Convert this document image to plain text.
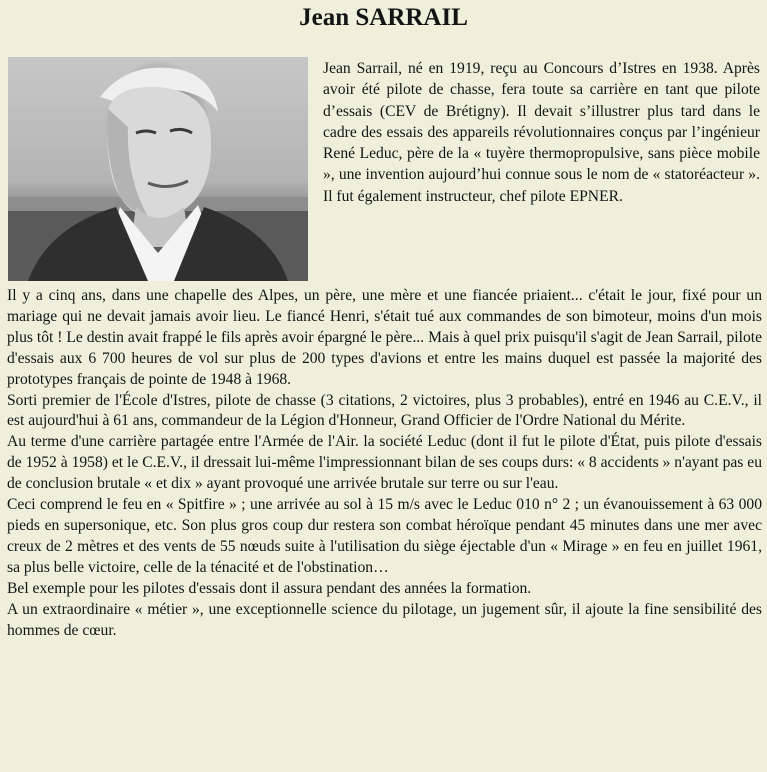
Jean SARRAIL

Jean Sarrail, né en 1919, reçu au Concours d’Istres en 1938. Après avoir été pilote de chasse, fera toute sa carrière en tant que pilote d’essais (CEV de Brétigny). Il devait s’illustrer plus tard dans le cadre des essais des appareils révolutionnaires conçus par l’ingénieur René Leduc, père de la « tuyère thermopropulsive, sans pièce mobile », une invention aujourd’hui connue sous le nom de « statoréacteur ». Il fut également instructeur, chef pilote EPNER.

Il y a cinq ans, dans une chapelle des Alpes, un père, une mère et une fiancée priaient... c'était le jour, fixé pour un mariage qui ne devait jamais avoir lieu. Le fiancé Henri, s'était tué aux commandes de son bimoteur, moins d'un mois plus tôt ! Le destin avait frappé le fils après avoir épargné le père... Mais à quel prix puisqu'il s'agit de Jean Sarrail, pilote d'essais aux 6 700 heures de vol sur plus de 200 types d'avions et entre les mains duquel est passée la majorité des prototypes français de pointe de 1948 à 1968.

Sorti premier de l'École d'Istres, pilote de chasse (3 citations, 2 victoires, plus 3 probables), entré en 1946 au C.E.V., il est aujourd'hui à 61 ans, commandeur de la Légion d'Honneur, Grand Officier de l'Ordre National du Mérite.

Au terme d'une carrière partagée entre l'Armée de l'Air. la société Leduc (dont il fut le pilote d'État, puis pilote d'essais de 1952 à 1958) et le C.E.V., il dressait lui-même l'impressionnant bilan de ses coups durs: « 8 accidents » n'ayant pas eu de conclusion brutale « et dix » ayant provoqué une arrivée brutale sur terre ou sur l'eau.

Ceci comprend le feu en « Spitfire » ; une arrivée au sol à 15 m/s avec le Leduc 010 n° 2 ; un évanouissement à 63 000 pieds en supersonique, etc. Son plus gros coup dur restera son combat héroïque pendant 45 minutes dans une mer avec creux de 2 mètres et des vents de 55 nœuds suite à l'utilisation du siège éjectable d'un « Mirage » en feu en juillet 1961, sa plus belle victoire, celle de la ténacité et de l'obstination…

Bel exemple pour les pilotes d'essais dont il assura pendant des années la formation.

A un extraordinaire « métier », une exceptionnelle science du pilotage, un jugement sûr, il ajoute la fine sensibilité des hommes de cœur.
